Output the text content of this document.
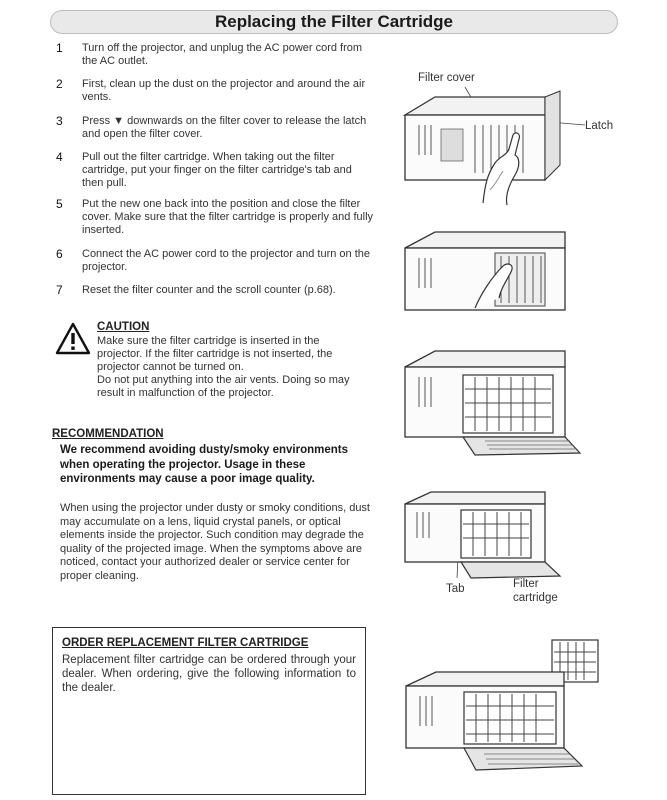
Replacing the Filter Cartridge
1	Turn off the projector, and unplug the AC power cord from the AC outlet.
2	First, clean up the dust on the projector and around the air vents.
3	Press ▼ downwards on the filter cover to release the latch and open the filter cover.
4	Pull out the filter cartridge. When taking out the filter cartridge, put your finger on the filter cartridge's tab and then pull.
5	Put the new one back into the position and close the filter cover. Make sure that the filter cartridge is properly and fully inserted.
6	Connect the AC power cord to the projector and turn on the projector.
7	Reset the filter counter and the scroll counter (p.68).
CAUTION
Make sure the filter cartridge is inserted in the projector. If the filter cartridge is not inserted, the projector cannot be turned on.
Do not put anything into the air vents. Doing so may result in malfunction of the projector.
RECOMMENDATION
We recommend avoiding dusty/smoky environments when operating the projector. Usage in these environments may cause a poor image quality.
When using the projector under dusty or smoky conditions, dust may accumulate on a lens, liquid crystal panels, or optical elements inside the projector. Such condition may degrade the quality of the projected image. When the symptoms above are noticed, contact your authorized dealer or service center for proper cleaning.
ORDER REPLACEMENT FILTER CARTRIDGE
Replacement filter cartridge can be ordered through your dealer. When ordering, give the following information to the dealer.
Filter cover
Latch
Tab	Filter
cartridge
